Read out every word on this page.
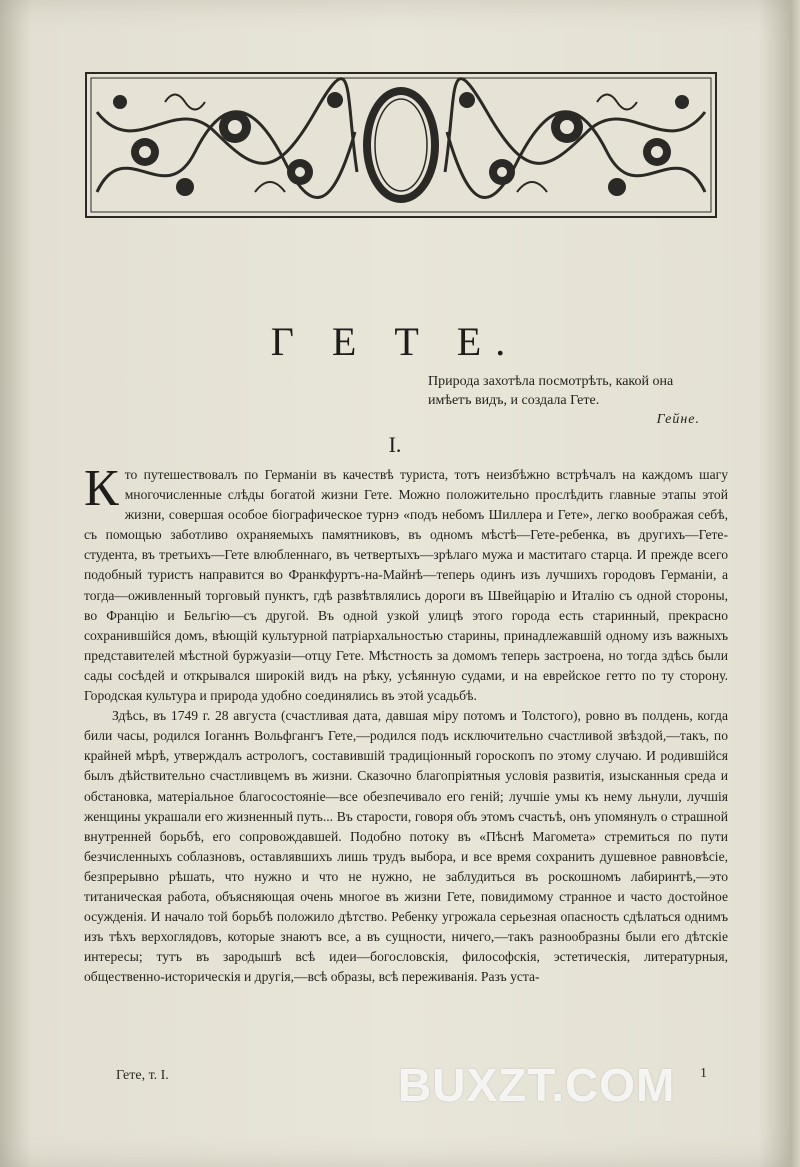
Г Е Т Е.
Природа захотѣла посмотрѣть, какой она
имѣетъ видъ, и создала Гете.
Гейне.
I.

Кто путешествовалъ по Германіи въ качествѣ туриста, тотъ неизбѣжно встрѣчалъ на каждомъ шагу многочисленные слѣды богатой жизни Гете. Можно положительно прослѣдить главные этапы этой жизни, совершая особое біографическое турнэ «подъ небомъ Шиллера и Гете», легко воображая себѣ, съ помощью заботливо охраняемыхъ памятниковъ, въ одномъ мѣстѣ—Гете-ребенка, въ другихъ—Гете-студента, въ третьихъ—Гете влюбленнаго, въ четвертыхъ—зрѣлаго мужа и маститаго старца. И прежде всего подобный туристъ направится во Франкфуртъ-на-Майнѣ—теперь одинъ изъ лучшихъ городовъ Германіи, а тогда—оживленный торговый пунктъ, гдѣ развѣтвлялись дороги въ Швейцарію и Италію съ одной стороны, во Францію и Бельгію—съ другой. Въ одной узкой улицѣ этого города есть старинный, прекрасно сохранившійся домъ, вѣющій культурной патріархальностью старины, принадлежавшій одному изъ важныхъ представителей мѣстной буржуазіи—отцу Гете. Мѣстность за домомъ теперь застроена, но тогда здѣсь были сады сосѣдей и открывался широкій видъ на рѣку, усѣянную судами, и на еврейское гетто по ту сторону. Городская культура и природа удобно соединялись въ этой усадьбѣ.

Здѣсь, въ 1749 г. 28 августа (счастливая дата, давшая міру потомъ и Толстого), ровно въ полдень, когда били часы, родился Іоганнъ Вольфгангъ Гете,—родился подъ исключительно счастливой звѣздой,—такъ, по крайней мѣрѣ, утверждалъ астрологъ, составившій традиціонный гороскопъ по этому случаю. И родившійся былъ дѣйствительно счастливцемъ въ жизни. Сказочно благопріятныя условія развитія, изысканныя среда и обстановка, матеріальное благосостояніе—все обезпечивало его геній; лучшіе умы къ нему льнули, лучшія женщины украшали его жизненный путь... Въ старости, говоря объ этомъ счастьѣ, онъ упомянулъ о страшной внутренней борьбѣ, его сопровождавшей. Подобно потоку въ «Пѣснѣ Магомета» стремиться по пути безчисленныхъ соблазновъ, оставлявшихъ лишь трудъ выбора, и все время сохранить душевное равновѣсіе, безпрерывно рѣшать, что нужно и что не нужно, не заблудиться въ роскошномъ лабиринтѣ,—это титаническая работа, объясняющая очень многое въ жизни Гете, повидимому странное и часто достойное осужденія. И начало той борьбѣ положило дѣтство. Ребенку угрожала серьезная опасность сдѣлаться однимъ изъ тѣхъ верхоглядовъ, которые знаютъ все, а въ сущности, ничего,—такъ разнообразны были его дѣтскіе интересы; тутъ въ зародышѣ всѣ идеи—богословскія, философскія, эстетическія, литературныя, общественно-историческія и другія,—всѣ образы, всѣ переживанія. Разъ уста-

Гете, т. I.	1
BUXZT.COM
